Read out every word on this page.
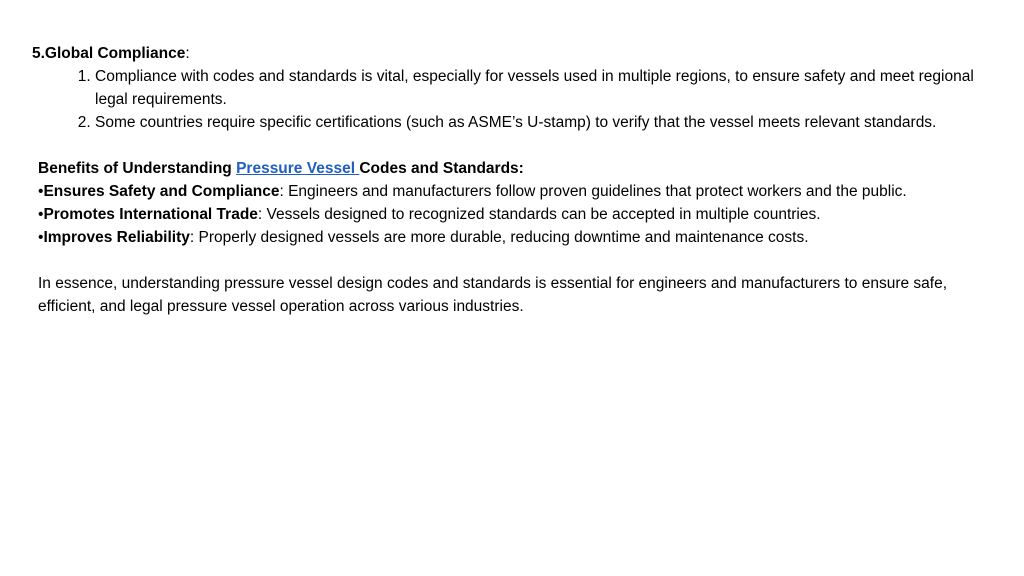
5.Global Compliance:
1. Compliance with codes and standards is vital, especially for vessels used in multiple regions, to ensure safety and meet regional legal requirements.
2. Some countries require specific certifications (such as ASME’s U-stamp) to verify that the vessel meets relevant standards.
Benefits of Understanding Pressure Vessel Codes and Standards:

•Ensures Safety and Compliance: Engineers and manufacturers follow proven guidelines that protect workers and the public.

•Promotes International Trade: Vessels designed to recognized standards can be accepted in multiple countries.

•Improves Reliability: Properly designed vessels are more durable, reducing downtime and maintenance costs.

In essence, understanding pressure vessel design codes and standards is essential for engineers and manufacturers to ensure safe, efficient, and legal pressure vessel operation across various industries.
